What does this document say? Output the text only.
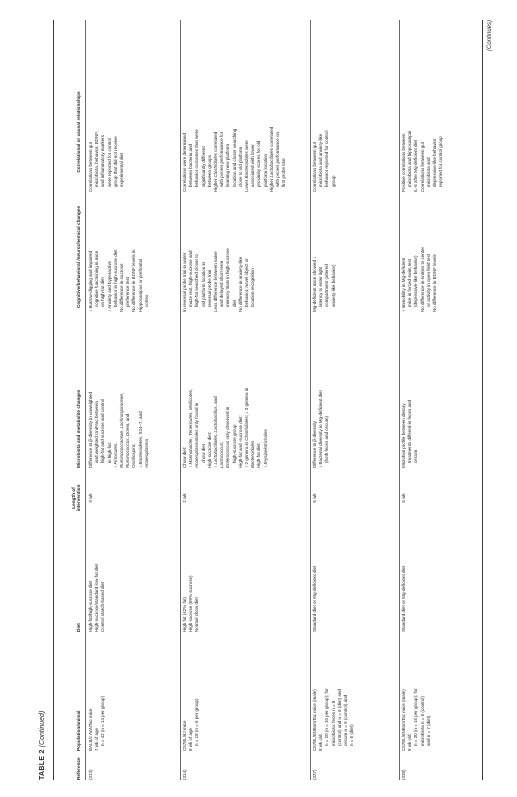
TABLE 2 (Continued)
Reference
Population/animal
Diet
Length of intervention
Microbiota and metabolite changes
Cognitive/behavioral /neurochemical changes
Correlational or causal relationships
(313)
BALB/c AnNTac mice 7 wk of age n = 42 (n = 14 per group)
High-fat/high-sucrose diet High-sucrose/standard low-fat diet Control starch-based diet
9 wk
Difference in β-diversity in unweighted and weighted UniFrac between high-fat and sucrose and control in high-fat:
↑ Firmicutes, Ruminococcaceae, Lachnospiraceae,
Ruminococcus, Dorea, and
Oscillospira;
↓ Bacteroidetes, S24–7, and
Anaeroplasma
↓ Burrow-digging and impaired cognitive functioning in mice on high-fat diet ↓ Anxiety and hyperactive behavior in high-sucrose diet No difference in sucrose preference test No difference in BDNF levels in Hippocampus or prefrontal cortex
Correlations between gut microbiota, behavior, BDNF, and inflammatory markers were reported for control group that did not receive experimental diet
(314)
C57BL/6J mice 8 wk of age n = 18 (n = 6 per group)
High fat (42% fat) High sucrose (89% sucrose) Normal chow diet
2 wk
Chow diet: ↑ Marinobacter, Tenericutes, Mollicutes,
Anaeroplasmatales only found in
chow diet High-sucrose diet: ↑ Lactobacillales, Lactobacillus, and
Lactococcus; Enterococcus only observed in
high-sucrose group High-fat and -sucrose diet: ↑ 2 genera in Clostridiales; ↓ 3 genera in
Bacteroidales High-fat diet: ↑ Erysipelotrichales
In reversal probe trial in water maze test, high-sucrose and high-fat searched closer to old platform location in reversal probe trial Less difference between naive and delayed short-term memory trials in high-sucrose diet No difference in anxiety-like behavior, novel object or location recognition
Correlations were determined between bacteria and behavior outcomes that were significantly different between groups Higher Clostridiales correlated with poorer performance for learning new platform location and closer searching close to old platform Lower Bacteroidales were associated with lower proximity scores for old platform location Higher Lactobacillales correlated with poorer performance on first probe trial
(337)
C57BL/6NBomTac mice (male) 8 wk old n = 20 (n = 10 per group); for microbiota: feces n = 8 (control) and n = 6 (diet) and cecum n = 9 (control) and n = 6 (diet)
Standard diet or Mg-deficient diet
6 wk
Difference in β-diversity ↓ Bacterial diversity in Mg-deficient diet (both feces and cecum)
Mg-deficient mice showed ↓ latency to enter light compartment (altered anxiety-like behavior)
Correlations between gut microbiota and anxiety-like behavior reported for control group
(338)
C57BL/6NBomTac mice (male) 8 wk old n = 30 (n = 15 per group); for microbiota n = 6 (control) and n = 7 (diet)
Standard diet or Mg-deficient diet
6 wk
Microbial profile between dietary treatments differed in feces and cecum
↑ Immobility in Mg-deficient mice in forced swim test (depressive-like behavior) No difference in entries to center or activity in open field test No difference in BDNF levels
Positive correlations between microbiota and hippocampal IL-6 after Mg-deficient diet Correlations between gut microbiota and depressive-like behavior reported for control group
(Continues)
